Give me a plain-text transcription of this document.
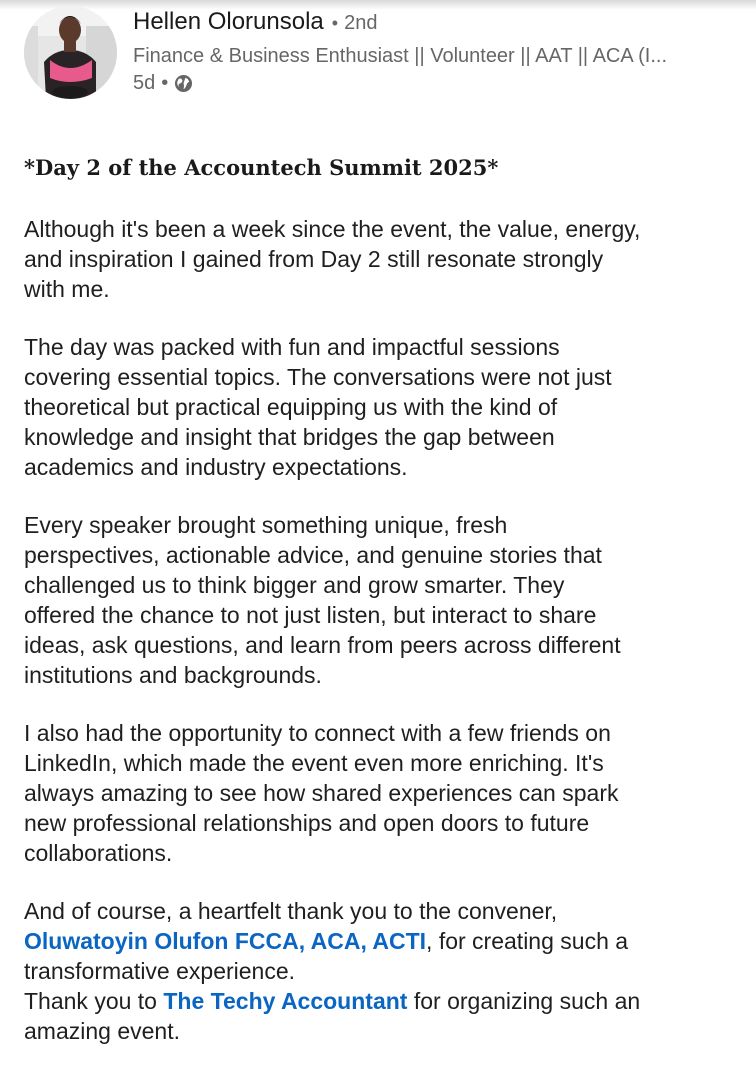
Hellen Olorunsola • 2nd
Finance & Business Enthusiast || Volunteer || AAT || ACA (I...
5d •
*Day 2 of the Accountech Summit 2025*
Although it's been a week since the event, the value, energy,
and inspiration I gained from Day 2 still resonate strongly
with me.
The day was packed with fun and impactful sessions
covering essential topics. The conversations were not just
theoretical but practical equipping us with the kind of
knowledge and insight that bridges the gap between
academics and industry expectations.
Every speaker brought something unique, fresh
perspectives, actionable advice, and genuine stories that
challenged us to think bigger and grow smarter. They
offered the chance to not just listen, but interact to share
ideas, ask questions, and learn from peers across different
institutions and backgrounds.
I also had the opportunity to connect with a few friends on
LinkedIn, which made the event even more enriching. It's
always amazing to see how shared experiences can spark
new professional relationships and open doors to future
collaborations.
And of course, a heartfelt thank you to the convener,
Oluwatoyin Olufon FCCA, ACA, ACTI, for creating such a
transformative experience.
Thank you to The Techy Accountant for organizing such an
amazing event.
